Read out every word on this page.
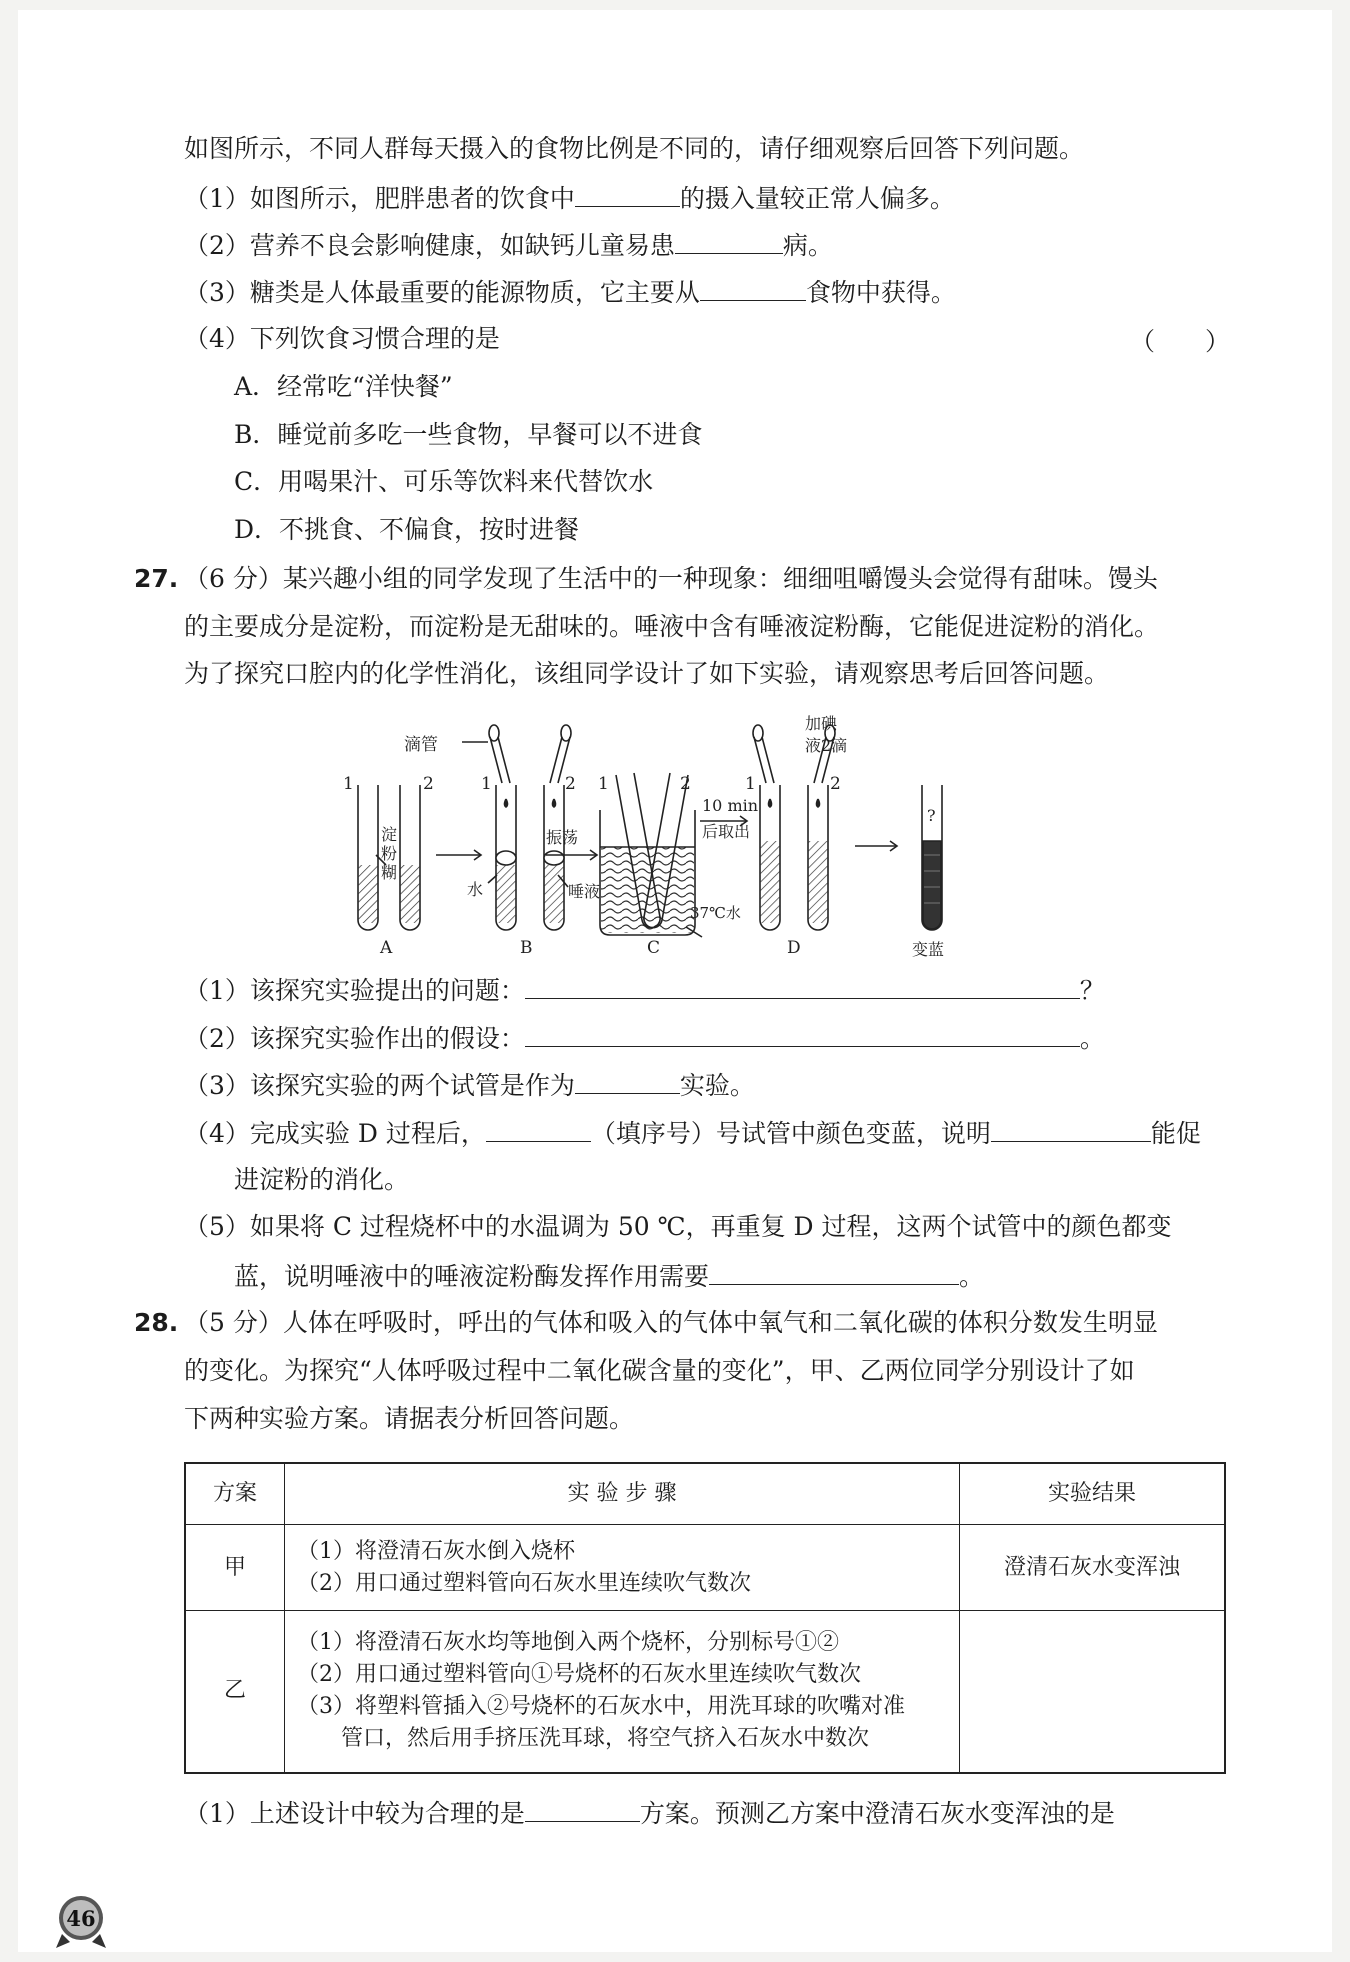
如图所示，不同人群每天摄入的食物比例是不同的，请仔细观察后回答下列问题。
（1）如图所示，肥胖患者的饮食中	的摄入量较正常人偏多。
（2）营养不良会影响健康，如缺钙儿童易患	病。
（3）糖类是人体最重要的能源物质，它主要从	食物中获得。
（4）下列饮食习惯合理的是	（　　）
A．经常吃“洋快餐”
B．睡觉前多吃一些食物，早餐可以不进食
C．用喝果汁、可乐等饮料来代替饮水
D．不挑食、不偏食，按时进餐
27. （6 分）某兴趣小组的同学发现了生活中的一种现象：细细咀嚼馒头会觉得有甜味。馒头
的主要成分是淀粉，而淀粉是无甜味的。唾液中含有唾液淀粉酶，它能促进淀粉的消化。
为了探究口腔内的化学性消化，该组同学设计了如下实验，请观察思考后回答问题。
1	2
淀
粉
糊
A
滴管
1	2
水	唾液
振荡
B	C
1	2
10 min
后取出
37℃水
1	2
加碘
液2滴
D
?
变蓝
（1）该探究实验提出的问题：	？
（2）该探究实验作出的假设：	。
（3）该探究实验的两个试管是作为	实验。
（4）完成实验 D 过程后，	（填序号）号试管中颜色变蓝，说明	能促
进淀粉的消化。
（5）如果将 C 过程烧杯中的水温调为 50 ℃，再重复 D 过程，这两个试管中的颜色都变
蓝，说明唾液中的唾液淀粉酶发挥作用需要	。
28. （5 分）人体在呼吸时，呼出的气体和吸入的气体中氧气和二氧化碳的体积分数发生明显
的变化。为探究“人体呼吸过程中二氧化碳含量的变化”，甲、乙两位同学分别设计了如
下两种实验方案。请据表分析回答问题。
方案	实 验 步 骤	实验结果
甲	（1）将澄清石灰水倒入烧杯
（2）用口通过塑料管向石灰水里连续吹气数次	澄清石灰水变浑浊
乙	（1）将澄清石灰水均等地倒入两个烧杯，分别标号①②
（2）用口通过塑料管向①号烧杯的石灰水里连续吹气数次
（3）将塑料管插入②号烧杯的石灰水中，用洗耳球的吹嘴对准
　　管口，然后用手挤压洗耳球，将空气挤入石灰水中数次	

（1）上述设计中较为合理的是	方案。预测乙方案中澄清石灰水变浑浊的是
46
